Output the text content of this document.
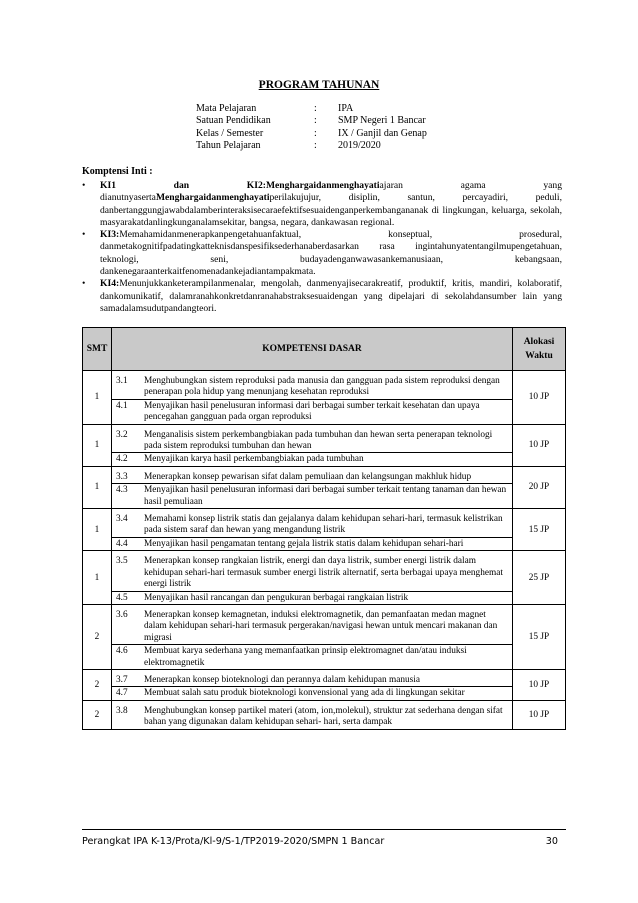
PROGRAM TAHUNAN
Mata Pelajaran	:	IPA
Satuan Pendidikan	:	SMP Negeri 1 Bancar
Kelas / Semester	:	IX / Ganjil dan Genap
Tahun Pelajaran	:	2019/2020
Komptensi Inti :
•	KI1 dan KI2:Menghargaidanmenghayatiajaran agama yang dianutnyasertaMenghargaidanmenghayatiperilakujujur, disiplin, santun, percayadiri, peduli, danbertanggungjawabdalamberinteraksisecaraefektifsesuaidenganperkembangananak di lingkungan, keluarga, sekolah, masyarakatdanlingkunganalamsekitar, bangsa, negara, dankawasan regional.
•	KI3:Memahamidanmenerapkanpengetahuanfaktual, konseptual, prosedural, danmetakognitifpadatingkatteknisdanspesifiksederhanaberdasarkan rasa ingintahunyatentangilmupengetahuan, teknologi, seni, budayadenganwawasankemanusiaan, kebangsaan, dankenegaraanterkaitfenomenadankejadiantampakmata.
•	KI4:Menunjukkanketerampilanmenalar, mengolah, danmenyajisecarakreatif, produktif, kritis, mandiri, kolaboratif, dankomunikatif, dalamranahkonkretdanranahabstraksesuaidengan yang dipelajari di sekolahdansumber lain yang samadalamsudutpandangteori.
SMT	KOMPETENSI DASAR	Alokasi Waktu
1	3.1 Menghubungkan sistem reproduksi pada manusia dan gangguan pada sistem reproduksi dengan penerapan pola hidup yang menunjang kesehatan reproduksi
4.1 Menyajikan hasil penelusuran informasi dari berbagai sumber terkait kesehatan dan upaya pencegahan gangguan pada organ reproduksi	10 JP
1	3.2 Menganalisis sistem perkembangbiakan pada tumbuhan dan hewan serta penerapan teknologi pada sistem reproduksi tumbuhan dan hewan
4.2 Menyajikan karya hasil perkembangbiakan pada tumbuhan	10 JP
1	3.3 Menerapkan konsep pewarisan sifat dalam pemuliaan dan kelangsungan makhluk hidup
4.3 Menyajikan hasil penelusuran informasi dari berbagai sumber terkait tentang tanaman dan hewan hasil pemuliaan	20 JP
1	3.4 Memahami konsep listrik statis dan gejalanya dalam kehidupan sehari-hari, termasuk kelistrikan pada sistem saraf dan hewan yang mengandung listrik
4.4 Menyajikan hasil pengamatan tentang gejala listrik statis dalam kehidupan sehari-hari	15 JP
1	3.5 Menerapkan konsep rangkaian listrik, energi dan daya listrik, sumber energi listrik dalam kehidupan sehari-hari termasuk sumber energi listrik alternatif, serta berbagai upaya menghemat energi listrik
4.5 Menyajikan hasil rancangan dan pengukuran berbagai rangkaian listrik	25 JP
2	3.6 Menerapkan konsep kemagnetan, induksi elektromagnetik, dan pemanfaatan medan magnet dalam kehidupan sehari-hari termasuk pergerakan/navigasi hewan untuk mencari makanan dan migrasi
4.6 Membuat karya sederhana yang memanfaatkan prinsip elektromagnet dan/atau induksi elektromagnetik	15 JP
2	3.7 Menerapkan konsep bioteknologi dan perannya dalam kehidupan manusia
4.7 Membuat salah satu produk bioteknologi konvensional yang ada di lingkungan sekitar	10 JP
2	3.8 Menghubungkan konsep partikel materi (atom, ion,molekul), struktur zat sederhana dengan sifat bahan yang digunakan dalam kehidupan sehari- hari, serta dampak	10 JP
Perangkat IPA K-13/Prota/Kl-9/S-1/TP2019-2020/SMPN 1 Bancar	30
